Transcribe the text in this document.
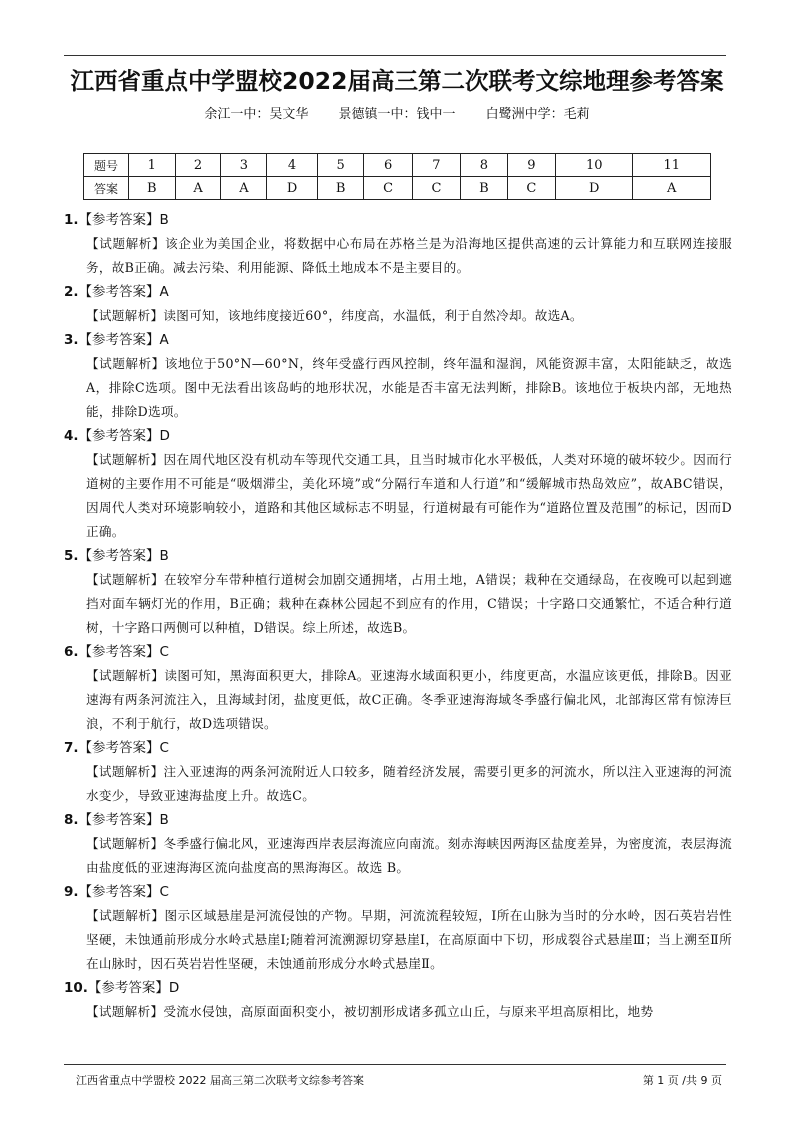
江西省重点中学盟校2022届高三第二次联考文综地理参考答案
余江一中：吴文华 景德镇一中：钱中一 白鹭洲中学：毛莉
题号	1	2	3	4	5	6	7	8	9	10	11
答案	B	A	A	D	B	C	C	B	C	D	A
1.【参考答案】B
【试题解析】该企业为美国企业，将数据中心布局在苏格兰是为沿海地区提供高速的云计算能力和互联网连接服务，故B正确。减去污染、利用能源、降低土地成本不是主要目的。
2.【参考答案】A
【试题解析】读图可知，该地纬度接近60°，纬度高，水温低，利于自然冷却。故选A。
3.【参考答案】A
【试题解析】该地位于50°N—60°N，终年受盛行西风控制，终年温和湿润，风能资源丰富，太阳能缺乏，故选A，排除C选项。图中无法看出该岛屿的地形状况，水能是否丰富无法判断，排除B。该地位于板块内部，无地热能，排除D选项。
4.【参考答案】D
【试题解析】因在周代地区没有机动车等现代交通工具，且当时城市化水平极低，人类对环境的破坏较少。因而行道树的主要作用不可能是“吸烟滞尘，美化环境”或“分隔行车道和人行道”和“缓解城市热岛效应”，故ABC错误，因周代人类对环境影响较小，道路和其他区域标志不明显，行道树最有可能作为“道路位置及范围”的标记，因而D正确。
5.【参考答案】B
【试题解析】在较窄分车带种植行道树会加剧交通拥堵，占用土地，A错误；栽种在交通绿岛，在夜晚可以起到遮挡对面车辆灯光的作用，B正确；栽种在森林公园起不到应有的作用，C错误；十字路口交通繁忙，不适合种行道树，十字路口两侧可以种植，D错误。综上所述，故选B。
6.【参考答案】C
【试题解析】读图可知，黑海面积更大，排除A。亚速海水域面积更小，纬度更高，水温应该更低，排除B。因亚速海有两条河流注入，且海域封闭，盐度更低，故C正确。冬季亚速海海域冬季盛行偏北风，北部海区常有惊涛巨浪，不利于航行，故D选项错误。
7.【参考答案】C
【试题解析】注入亚速海的两条河流附近人口较多，随着经济发展，需要引更多的河流水，所以注入亚速海的河流水变少，导致亚速海盐度上升。故选C。
8.【参考答案】B
【试题解析】冬季盛行偏北风，亚速海西岸表层海流应向南流。刻赤海峡因两海区盐度差异，为密度流，表层海流由盐度低的亚速海海区流向盐度高的黑海海区。故选 B。
9.【参考答案】C
【试题解析】图示区域悬崖是河流侵蚀的产物。早期，河流流程较短，I所在山脉为当时的分水岭，因石英岩岩性坚硬，未蚀通前形成分水岭式悬崖I;随着河流溯源切穿悬崖I，在高原面中下切，形成裂谷式悬崖Ⅲ；当上溯至Ⅱ所在山脉时，因石英岩岩性坚硬，未蚀通前形成分水岭式悬崖Ⅱ。
10.【参考答案】D
【试题解析】受流水侵蚀，高原面面积变小，被切割形成诸多孤立山丘，与原来平坦高原相比，地势
江西省重点中学盟校 2022 届高三第二次联考文综参考答案	第 1 页 /共 9 页
